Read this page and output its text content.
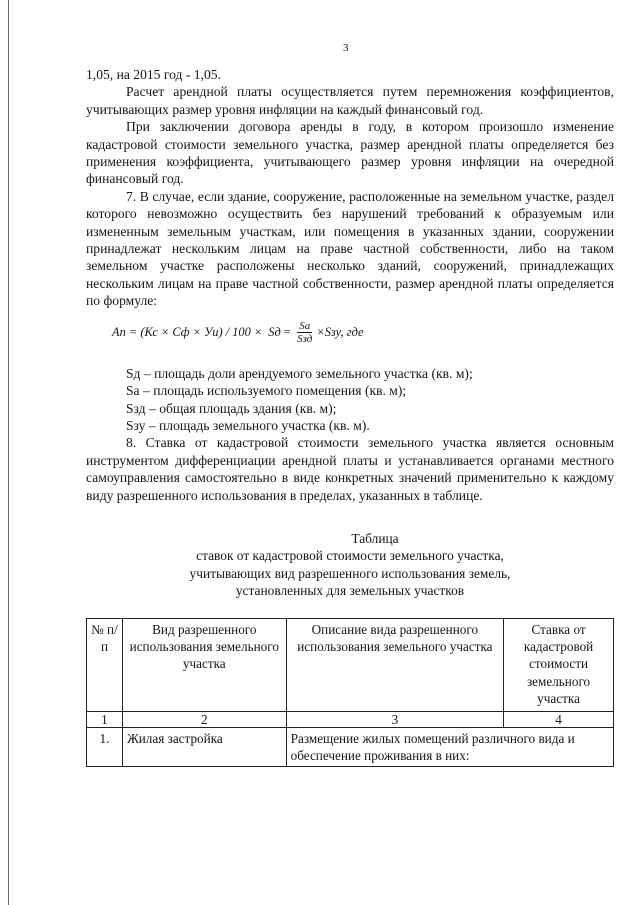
3

1,05, на 2015 год - 1,05.

Расчет арендной платы осуществляется путем перемножения коэффициентов, учитывающих размер уровня инфляции на каждый финансовый год.

При заключении договора аренды в году, в котором произошло изменение кадастровой стоимости земельного участка, размер арендной платы определяется без применения коэффициента, учитывающего размер уровня инфляции на очередной финансовый год.

7. В случае, если здание, сооружение, расположенные на земельном участке, раздел которого невозможно осуществить без нарушений требований к образуемым или измененным земельным участкам, или помещения в указанных здании, сооружении принадлежат нескольким лицам на праве частной собственности, либо на таком земельном участке расположены несколько зданий, сооружений, принадлежащих нескольким лицам на праве частной собственности, размер арендной платы определяется по формуле:

Ап = (Кс × Сф × Уи) / 100 × Sд = $\frac{Sа}{\text{Sзд}}$ × Sзу, где

Sд – площадь доли арендуемого земельного участка (кв. м);

Sа – площадь используемого помещения (кв. м);

Sзд – общая площадь здания (кв. м);

Sзу – площадь земельного участка (кв. м).

8. Ставка от кадастровой стоимости земельного участка является основным инструментом дифференциации арендной платы и устанавливается органами местного самоуправления самостоятельно в виде конкретных значений применительно к каждому виду разрешенного использования в пределах, указанных в таблице.

Таблица
ставок от кадастровой стоимости земельного участка,
учитывающих вид разрешенного использования земель,
установленных для земельных участков
№ п/п	Вид разрешенного использования земельного участка	Описание вида разрешенного использования земельного участка	Ставка от кадастровой стоимости земельного участка
1	2	3	4
1.	Жилая застройка	Размещение жилых помещений различного вида и обеспечение проживания в них:	
